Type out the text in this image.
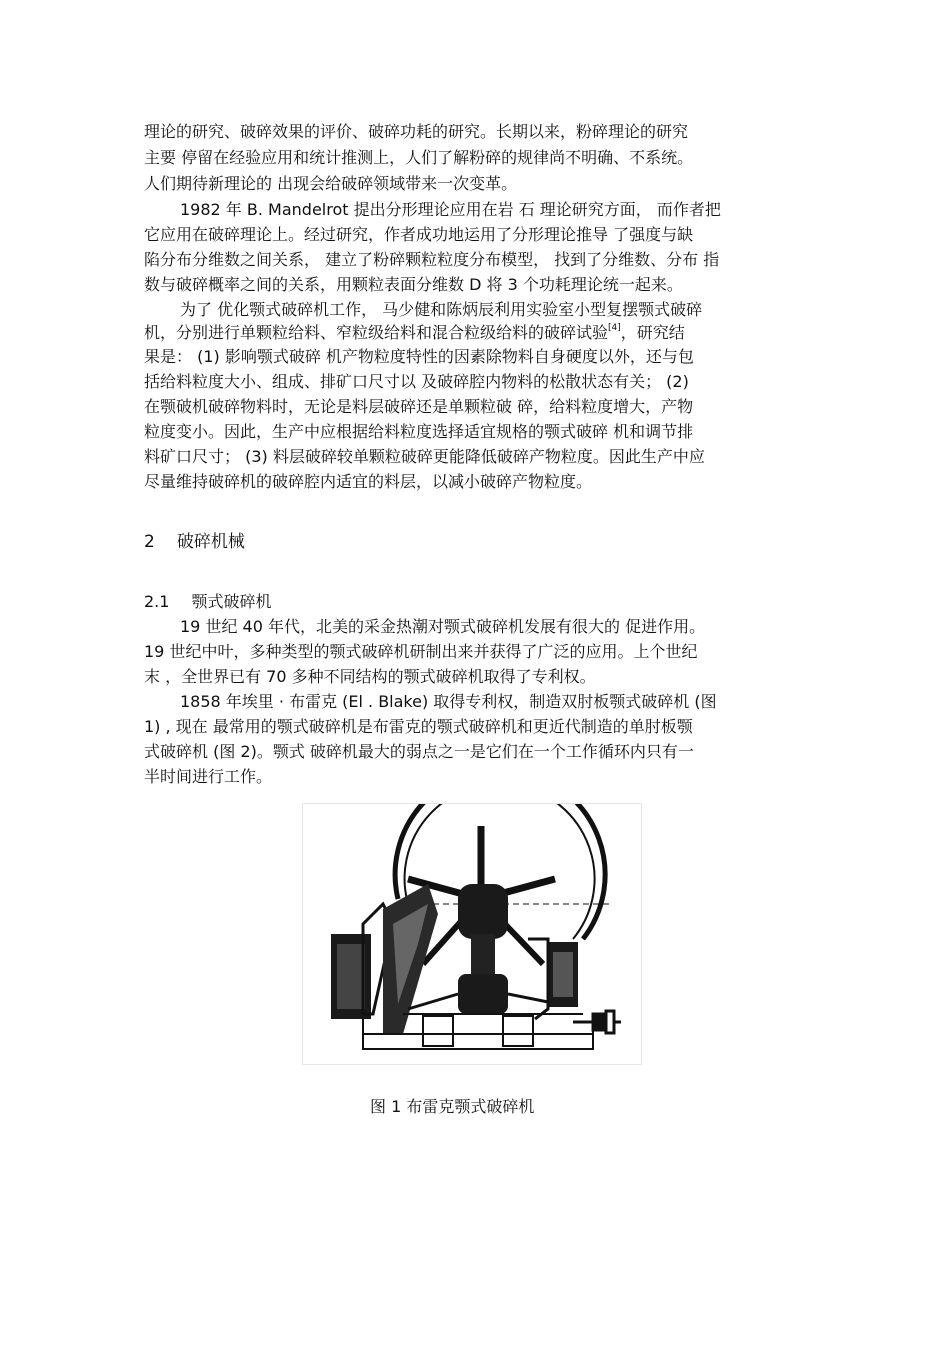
理论的研究、破碎效果的评价、破碎功耗的研究。长期以来，粉碎理论的研究
主要 停留在经验应用和统计推测上，人们了解粉碎的规律尚不明确、不系统。
人们期待新理论的 出现会给破碎领域带来一次变革。
1982 年 B. Mandelrot 提出分形理论应用在岩 石 理论研究方面， 而作者把
它应用在破碎理论上。经过研究，作者成功地运用了分形理论推导 了强度与缺
陷分布分维数之间关系， 建立了粉碎颗粒粒度分布模型， 找到了分维数、分布 指
数与破碎概率之间的关系，用颗粒表面分维数 D 将 3 个功耗理论统一起来。
为了 优化颚式破碎机工作， 马少健和陈炳辰利用实验室小型复摆颚式破碎
机，分别进行单颗粒给料、窄粒级给料和混合粒级给料的破碎试验[4]，研究结
果是： (1) 影响颚式破碎 机产物粒度特性的因素除物料自身硬度以外，还与包
括给料粒度大小、组成、排矿口尺寸以 及破碎腔内物料的松散状态有关； (2)
在颚破机破碎物料时，无论是料层破碎还是单颗粒破 碎，给料粒度增大，产物
粒度变小。因此，生产中应根据给料粒度选择适宜规格的颚式破碎 机和调节排
料矿口尺寸； (3) 料层破碎较单颗粒破碎更能降低破碎产物粒度。因此生产中应
尽量维持破碎机的破碎腔内适宜的料层，以减小破碎产物粒度。
2 破碎机械
2.1 颚式破碎机
19 世纪 40 年代，北美的采金热潮对颚式破碎机发展有很大的 促进作用。
19 世纪中叶，多种类型的颚式破碎机研制出来并获得了广泛的应用。上个世纪
末 ，全世界已有 70 多种不同结构的颚式破碎机取得了专利权。
1858 年埃里 · 布雷克 (El . Blake) 取得专利权，制造双肘板颚式破碎机 (图
1) , 现在 最常用的颚式破碎机是布雷克的颚式破碎机和更近代制造的单肘板颚
式破碎机 (图 2)。颚式 破碎机最大的弱点之一是它们在一个工作循环内只有一
半时间进行工作。
图 1 布雷克颚式破碎机
